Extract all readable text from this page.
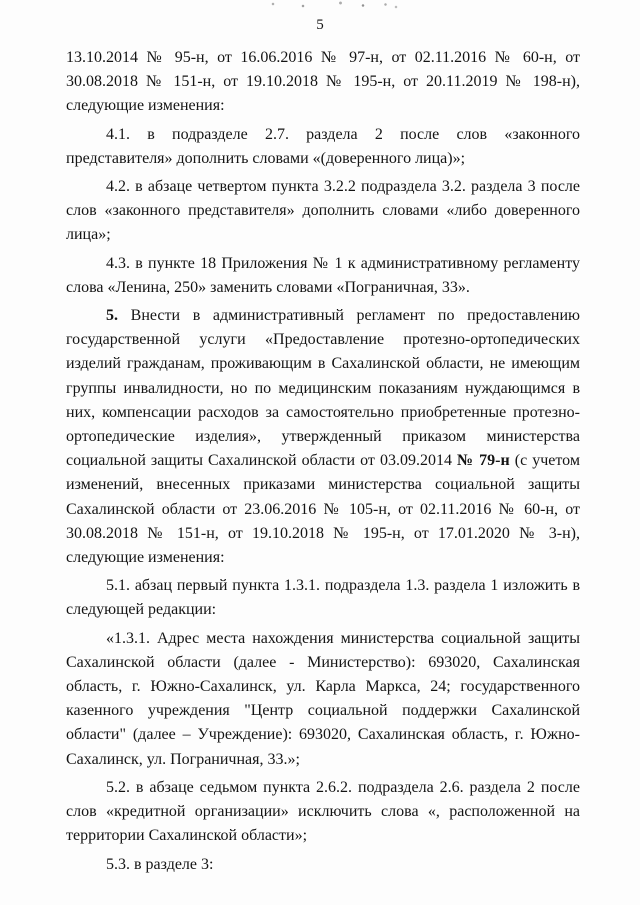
5

13.10.2014 № 95-н, от 16.06.2016 № 97-н, от 02.11.2016 № 60-н, от 30.08.2018 № 151-н, от 19.10.2018 № 195-н, от 20.11.2019 № 198-н), следующие изменения:

4.1. в подразделе 2.7. раздела 2 после слов «законного представителя» дополнить словами «(доверенного лица)»;

4.2. в абзаце четвертом пункта 3.2.2 подраздела 3.2. раздела 3 после слов «законного представителя» дополнить словами «либо доверенного лица»;

4.3. в пункте 18 Приложения № 1 к административному регламенту слова «Ленина, 250» заменить словами «Пограничная, 33».

5. Внести в административный регламент по предоставлению государственной услуги «Предоставление протезно-ортопедических изделий гражданам, проживающим в Сахалинской области, не имеющим группы инвалидности, но по медицинским показаниям нуждающимся в них, компенсации расходов за самостоятельно приобретенные протезно-ортопедические изделия», утвержденный приказом министерства социальной защиты Сахалинской области от 03.09.2014 № 79-н (с учетом изменений, внесенных приказами министерства социальной защиты Сахалинской области от 23.06.2016 № 105-н, от 02.11.2016 № 60-н, от 30.08.2018 № 151-н, от 19.10.2018 № 195-н, от 17.01.2020 № 3-н), следующие изменения:

5.1. абзац первый пункта 1.3.1. подраздела 1.3. раздела 1 изложить в следующей редакции:

«1.3.1. Адрес места нахождения министерства социальной защиты Сахалинской области (далее - Министерство): 693020, Сахалинская область, г. Южно-Сахалинск, ул. Карла Маркса, 24; государственного казенного учреждения "Центр социальной поддержки Сахалинской области" (далее – Учреждение): 693020, Сахалинская область, г. Южно-Сахалинск, ул. Пограничная, 33.»;

5.2. в абзаце седьмом пункта 2.6.2. подраздела 2.6. раздела 2 после слов «кредитной организации» исключить слова «, расположенной на территории Сахалинской области»;

5.3. в разделе 3:
